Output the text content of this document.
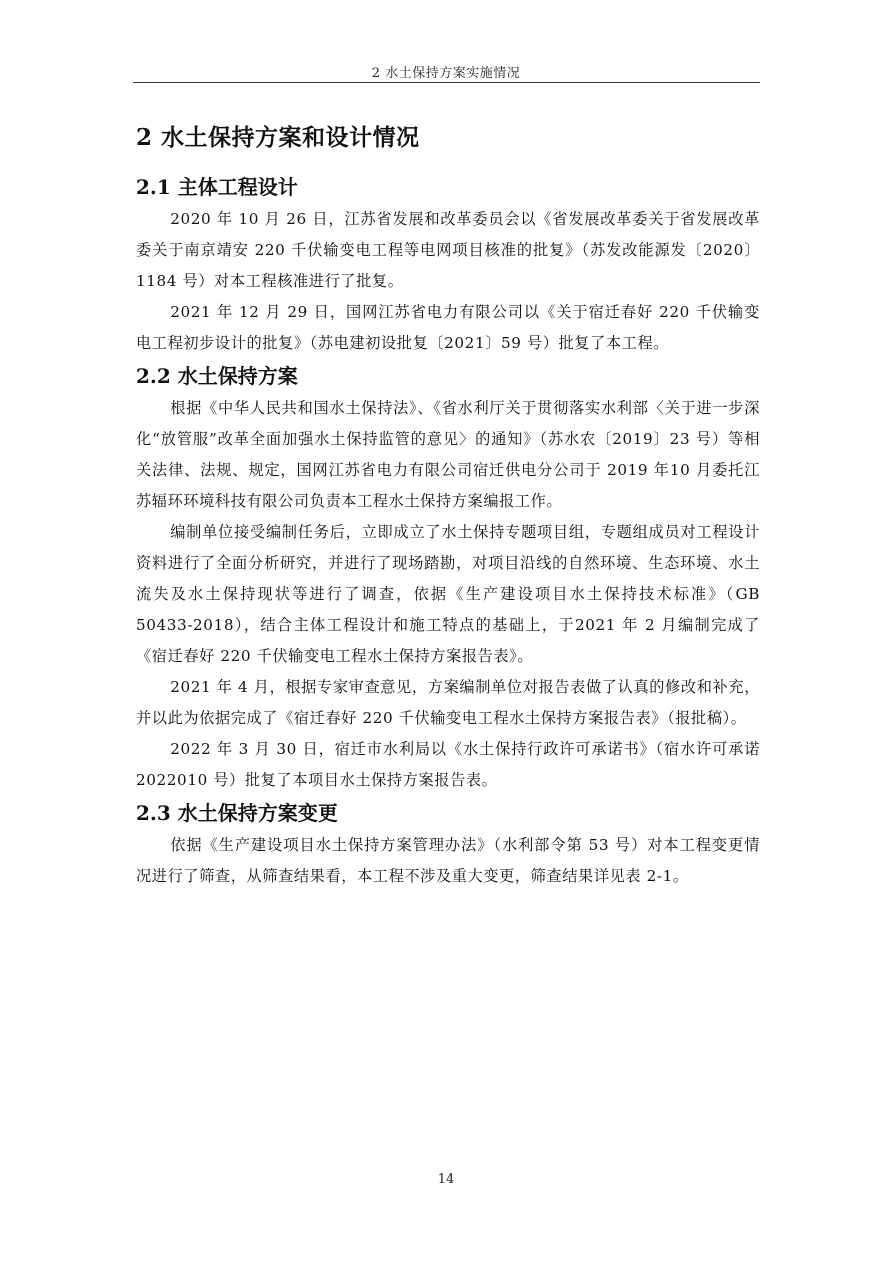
2 水土保持方案实施情况
2 水土保持方案和设计情况
2.1 主体工程设计

2020 年 10 月 26 日，江苏省发展和改革委员会以《省发展改革委关于省发展改革委关于南京靖安 220 千伏输变电工程等电网项目核准的批复》（苏发改能源发〔2020〕1184 号）对本工程核准进行了批复。

2021 年 12 月 29 日，国网江苏省电力有限公司以《关于宿迁春好 220 千伏输变电工程初步设计的批复》（苏电建初设批复〔2021〕59 号）批复了本工程。

2.2 水土保持方案

根据《中华人民共和国水土保持法》、《省水利厅关于贯彻落实水利部〈关于进一步深化“放管服”改革全面加强水土保持监管的意见〉的通知》（苏水农〔2019〕23 号）等相关法律、法规、规定，国网江苏省电力有限公司宿迁供电分公司于 2019 年10 月委托江苏辐环环境科技有限公司负责本工程水土保持方案编报工作。

编制单位接受编制任务后，立即成立了水土保持专题项目组，专题组成员对工程设计资料进行了全面分析研究，并进行了现场踏勘，对项目沿线的自然环境、生态环境、水土流失及水土保持现状等进行了调查，依据《生产建设项目水土保持技术标准》（GB 50433-2018），结合主体工程设计和施工特点的基础上，于2021 年 2 月编制完成了《宿迁春好 220 千伏输变电工程水土保持方案报告表》。

2021 年 4 月，根据专家审查意见，方案编制单位对报告表做了认真的修改和补充，并以此为依据完成了《宿迁春好 220 千伏输变电工程水土保持方案报告表》（报批稿）。

2022 年 3 月 30 日，宿迁市水利局以《水土保持行政许可承诺书》（宿水许可承诺 2022010 号）批复了本项目水土保持方案报告表。

2.3 水土保持方案变更

依据《生产建设项目水土保持方案管理办法》（水利部令第 53 号）对本工程变更情况进行了筛查，从筛查结果看，本工程不涉及重大变更，筛查结果详见表 2-1。

14
